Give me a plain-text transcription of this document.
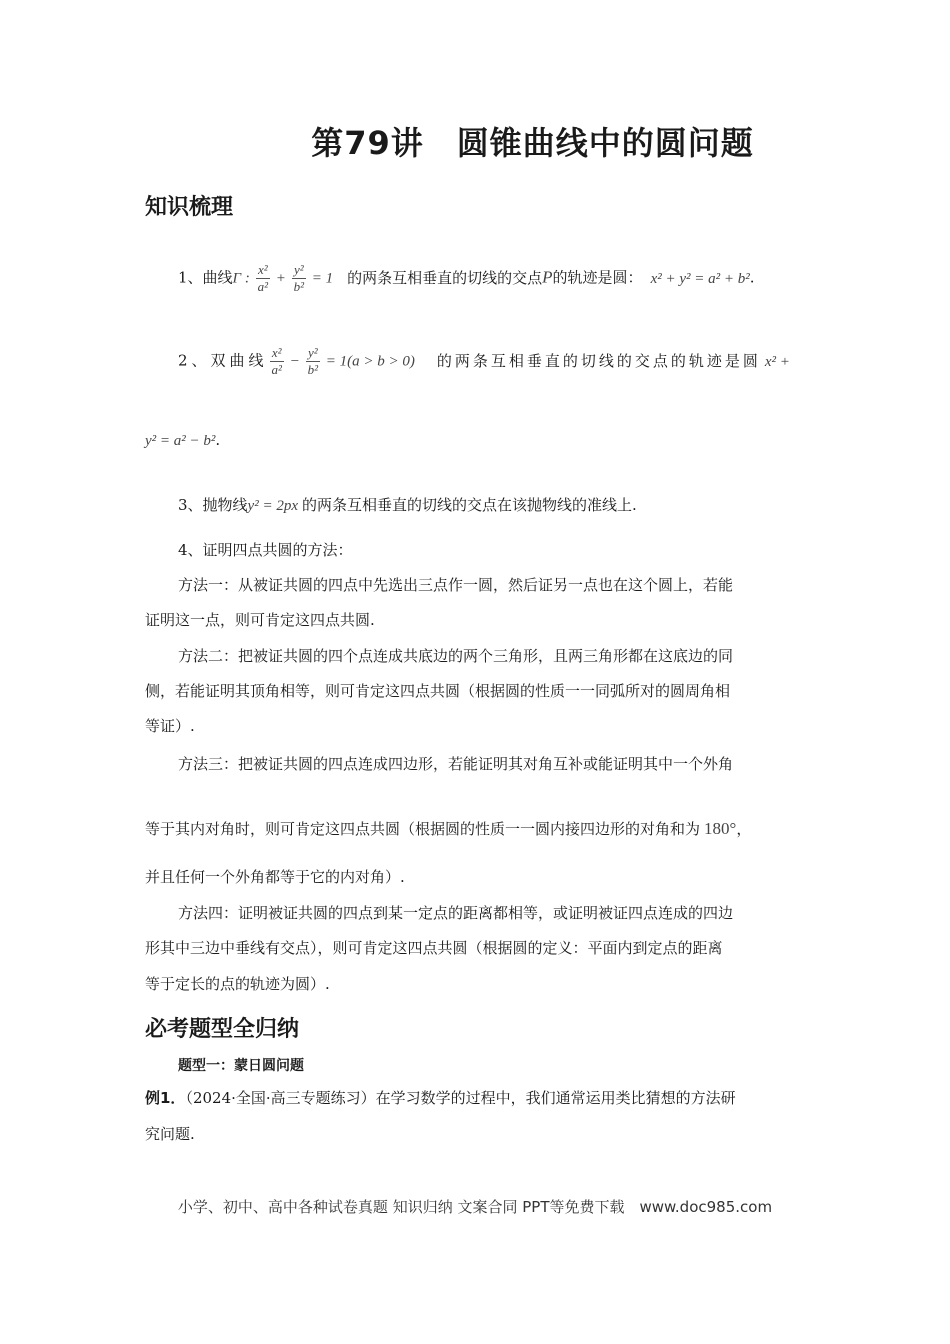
第79讲　圆锥曲线中的圆问题
知识梳理
1、曲线Γ : $\frac{\text{x²}}{\text{a²}} + \frac{\text{y²}}{\text{b²}} = 1$ 的两条互相垂直的切线的交点P的轨迹是圆： x² + y² = a² + b².
2、双曲线 $\frac{\text{x²}}{\text{a²}} - \frac{\text{y²}}{\text{b²}} = 1(a > b > 0)$ 的两条互相垂直的切线的交点的轨迹是圆 x² +
y² = a² − b².
3、抛物线y² = 2px 的两条互相垂直的切线的交点在该抛物线的准线上.
4、证明四点共圆的方法：
方法一：从被证共圆的四点中先选出三点作一圆，然后证另一点也在这个圆上，若能
证明这一点，则可肯定这四点共圆.
方法二：把被证共圆的四个点连成共底边的两个三角形，且两三角形都在这底边的同
侧，若能证明其顶角相等，则可肯定这四点共圆（根据圆的性质一一同弧所对的圆周角相
等证）.
方法三：把被证共圆的四点连成四边形，若能证明其对角互补或能证明其中一个外角
等于其内对角时，则可肯定这四点共圆（根据圆的性质一一圆内接四边形的对角和为 180°，
并且任何一个外角都等于它的内对角）.
方法四：证明被证共圆的四点到某一定点的距离都相等，或证明被证四点连成的四边
形其中三边中垂线有交点），则可肯定这四点共圆（根据圆的定义：平面内到定点的距离
等于定长的点的轨迹为圆）.
必考题型全归纳
题型一：蒙日圆问题
例1．（2024·全国·高三专题练习）在学习数学的过程中，我们通常运用类比猜想的方法研
究问题.
小学、初中、高中各种试卷真题 知识归纳 文案合同 PPT等免费下载　www.doc985.com
